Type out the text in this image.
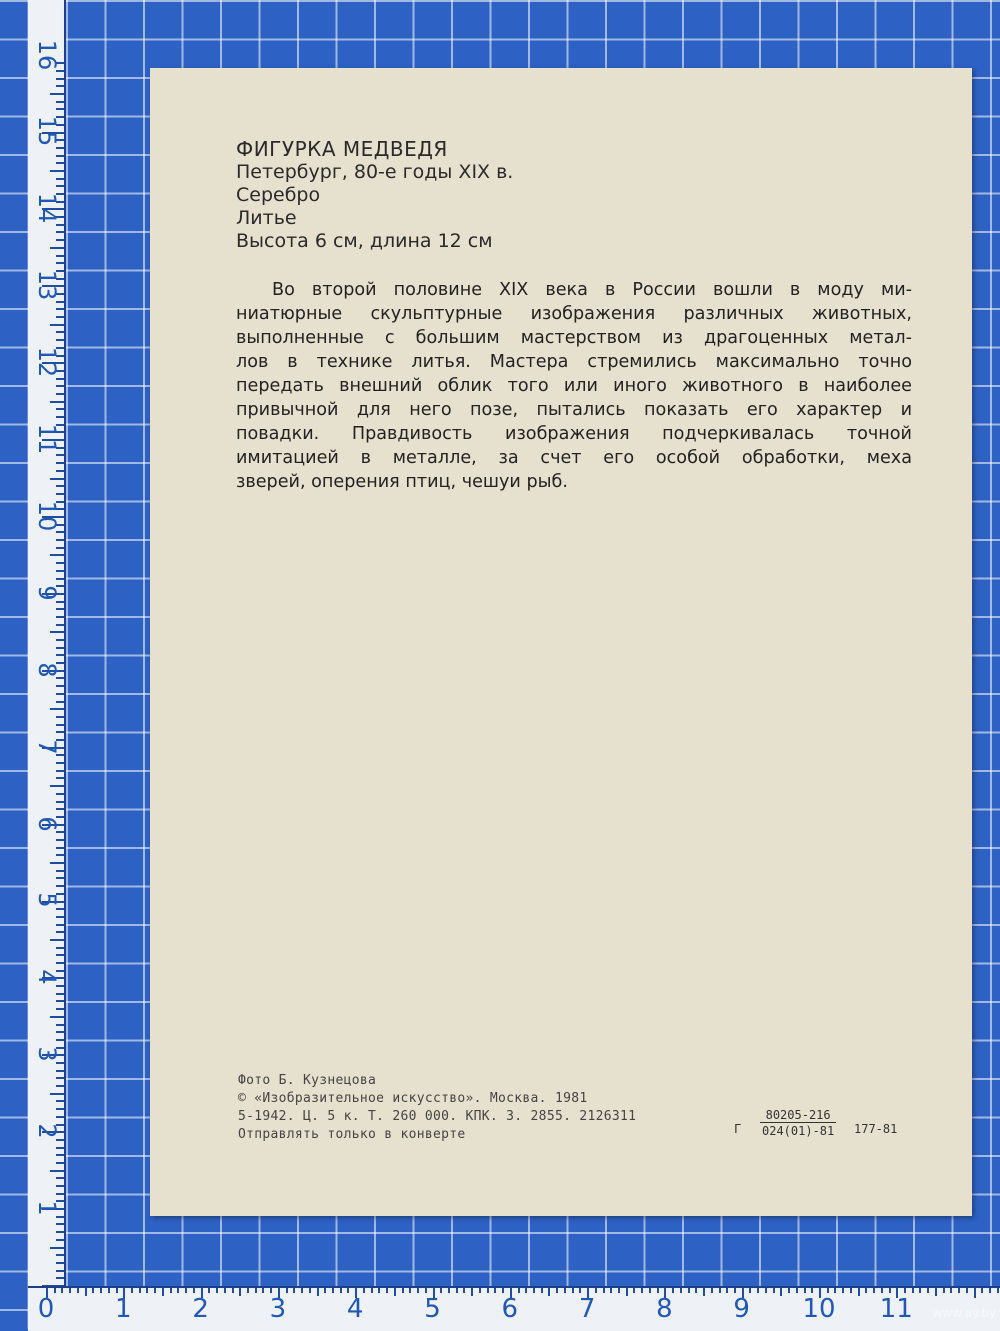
16
15
14
13
12
11
10
9
8
7
6
5
4
3
2
1
0	1	2	3	4	5	6	7	8	9	10 11
ФИГУРКА МЕДВЕДЯ
Петербург, 80-е годы XIX в.
Серебро
Литье
Высота 6 см, длина 12 см
Во второй половине XIX века в России вошли в моду ми-
ниатюрные скульптурные изображения различных животных,
выполненные с большим мастерством из драгоценных метал-
лов в технике литья. Мастера стремились максимально точно
передать внешний облик того или иного животного в наиболее
привычной для него позе, пытались показать его характер и
повадки. Правдивость изображения подчеркивалась точной
имитацией в металле, за счет его особой обработки, меха
зверей, оперения птиц, чешуи рыб.
Фото Б. Кузнецова
© «Изобразительное искусство». Москва. 1981
5-1942. Ц. 5 к. Т. 260 000. КПК. З. 2855. 2126311
Отправлять только в конверте	Г $\frac{80205-216}{024(01)-81} 177-81$
www.ay.by
